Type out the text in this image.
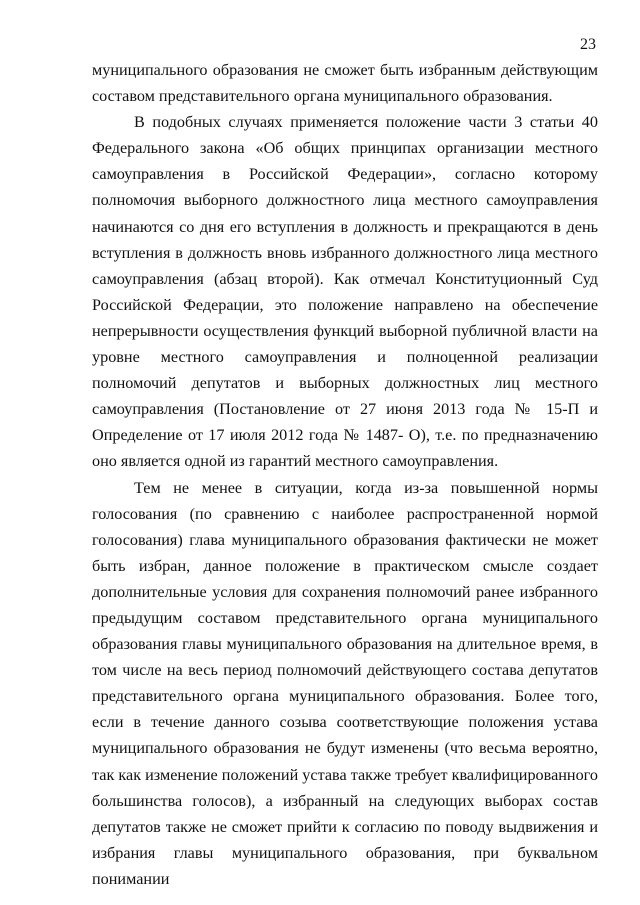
23

муниципального образования не сможет быть избранным действующим составом представительного органа муниципального образования.

В подобных случаях применяется положение части 3 статьи 40 Федерального закона «Об общих принципах организации местного самоуправления в Российской Федерации», согласно которому полномочия выборного должностного лица местного самоуправления начинаются со дня его вступления в должность и прекращаются в день вступления в должность вновь избранного должностного лица местного самоуправления (абзац второй). Как отмечал Конституционный Суд Российской Федерации, это положение направлено на обеспечение непрерывности осуществления функций выборной публичной власти на уровне местного самоуправления и полноценной реализации полномочий депутатов и выборных должностных лиц местного самоуправления (Постановление от 27 июня 2013 года № 15-П и Определение от 17 июля 2012 года № 1487- О), т.е. по предназначению оно является одной из гарантий местного самоуправления.

Тем не менее в ситуации, когда из-за повышенной нормы голосования (по сравнению с наиболее распространенной нормой голосования) глава муниципального образования фактически не может быть избран, данное положение в практическом смысле создает дополнительные условия для сохранения полномочий ранее избранного предыдущим составом представительного органа муниципального образования главы муниципального образования на длительное время, в том числе на весь период полномочий действующего состава депутатов представительного органа муниципального образования. Более того, если в течение данного созыва соответствующие положения устава муниципального образования не будут изменены (что весьма вероятно, так как изменение положений устава также требует квалифицированного большинства голосов), а избранный на следующих выборах состав депутатов также не сможет прийти к согласию по поводу выдвижения и избрания главы муниципального образования, при буквальном понимании
